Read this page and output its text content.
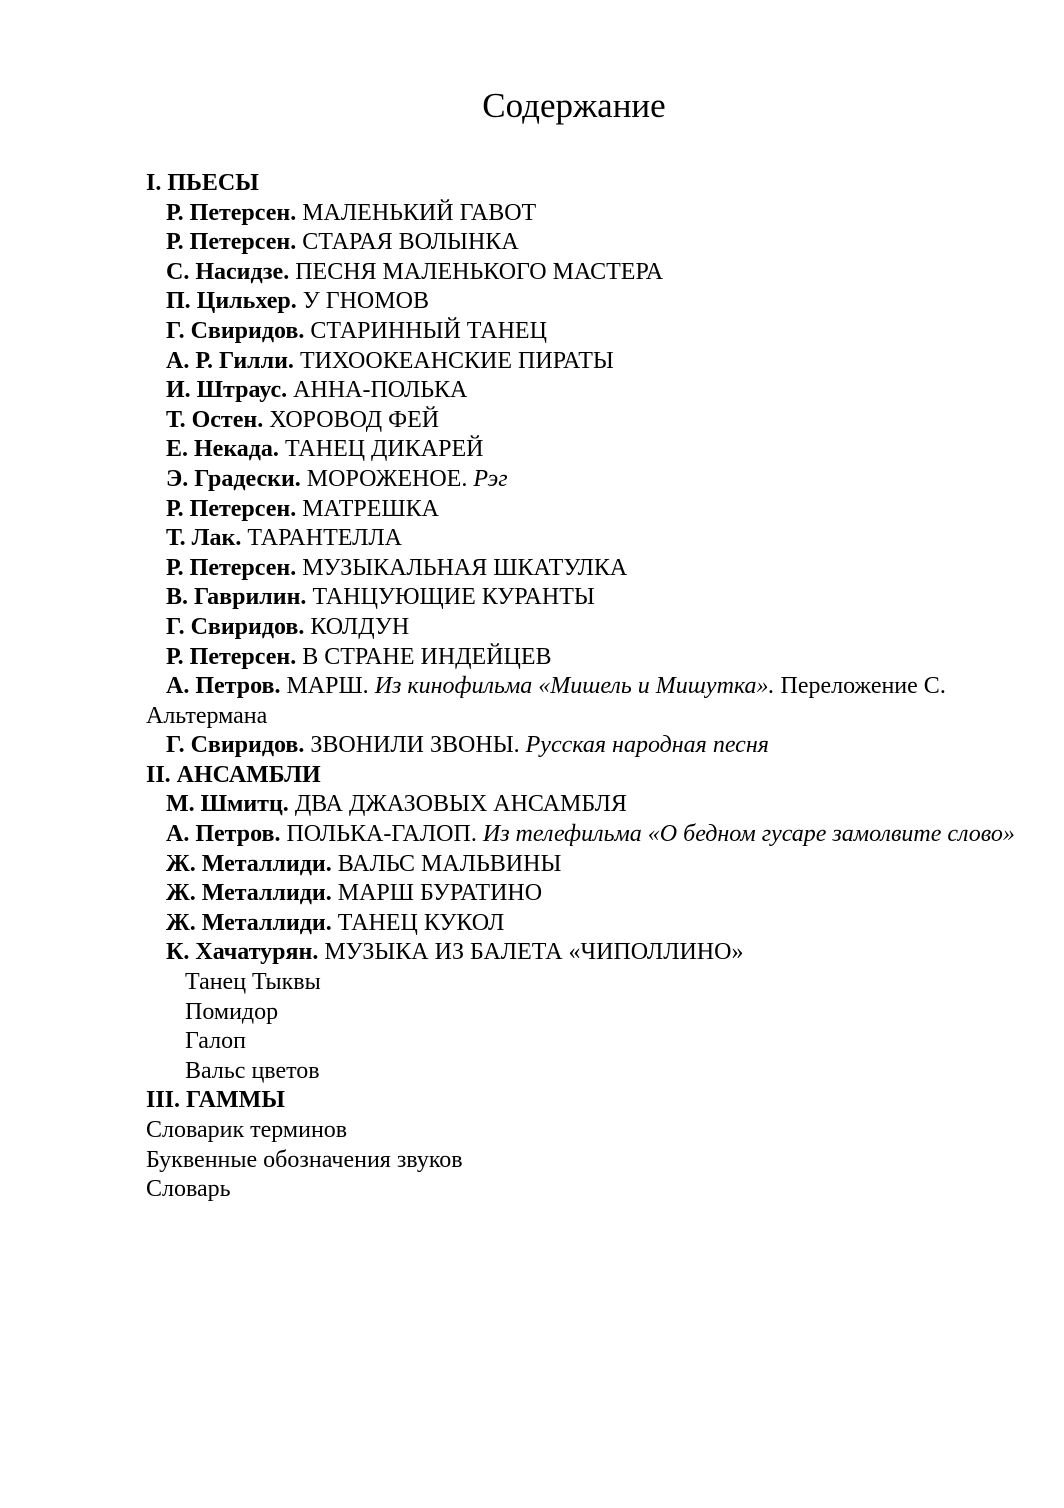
Содержание
I. ПЬЕСЫ
Р. Петерсен. МАЛЕНЬКИЙ ГАВОТ
Р. Петерсен. СТАРАЯ ВОЛЫНКА
С. Насидзе. ПЕСНЯ МАЛЕНЬКОГО МАСТЕРА
П. Цильхер. У ГНОМОВ
Г. Свиридов. СТАРИННЫЙ ТАНЕЦ
А. Р. Гилли. ТИХООКЕАНСКИЕ ПИРАТЫ
И. Штраус. АННА-ПОЛЬКА
Т. Остен. ХОРОВОД ФЕЙ
Е. Некада. ТАНЕЦ ДИКАРЕЙ
Э. Градески. МОРОЖЕНОЕ. Рэг
Р. Петерсен. МАТРЕШКА
Т. Лак. ТАРАНТЕЛЛА
Р. Петерсен. МУЗЫКАЛЬНАЯ ШКАТУЛКА
В. Гаврилин. ТАНЦУЮЩИЕ КУРАНТЫ
Г. Свиридов. КОЛДУН
Р. Петерсен. В СТРАНЕ ИНДЕЙЦЕВ
А. Петров. МАРШ. Из кинофильма «Мишель и Мишутка». Переложение С. Альтермана
Г. Свиридов. ЗВОНИЛИ ЗВОНЫ. Русская народная песня
II. АНСАМБЛИ
М. Шмитц. ДВА ДЖАЗОВЫХ АНСАМБЛЯ
А. Петров. ПОЛЬКА-ГАЛОП. Из телефильма «О бедном гусаре замолвите слово»
Ж. Металлиди. ВАЛЬС МАЛЬВИНЫ
Ж. Металлиди. МАРШ БУРАТИНО
Ж. Металлиди. ТАНЕЦ КУКОЛ
К. Хачатурян. МУЗЫКА ИЗ БАЛЕТА «ЧИПОЛЛИНО»
Танец Тыквы
Помидор
Галоп
Вальс цветов
III. ГАММЫ
Словарик терминов
Буквенные обозначения звуков
Словарь
